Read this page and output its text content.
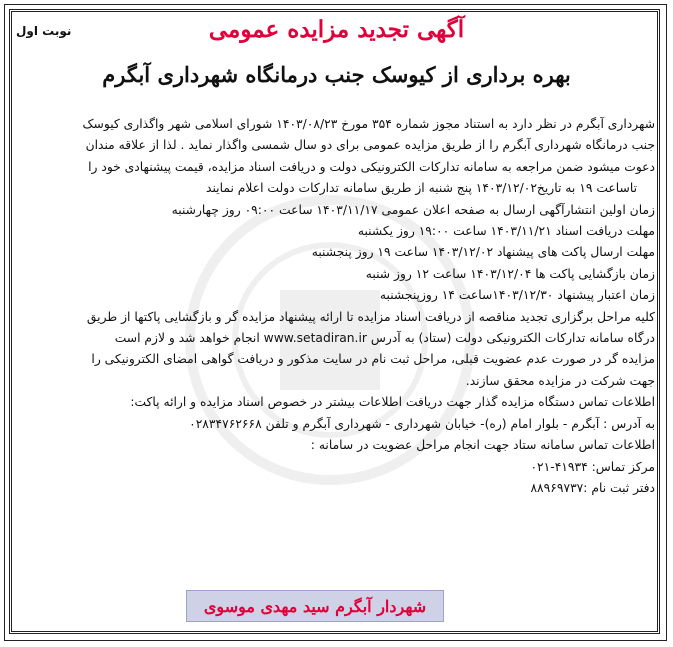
نوبت اول	آگهی تجدید مزایده عمومی
بهره برداری از کیوسک جنب درمانگاه شهرداری آبگرم
شهرداری آبگرم در نظر دارد به استناد مجوز شماره ۳۵۴ مورخ ۱۴۰۳/۰۸/۲۳ شورای اسلامی شهر واگذاری کیوسک
جنب درمانگاه شهرداری آبگرم را از طریق مزایده عمومی برای دو سال شمسی واگذار نماید . لذا از علاقه مندان
دعوت میشود ضمن مراجعه به سامانه تدارکات الکترونیکی دولت و دریافت اسناد مزایده، قیمت پیشنهادی خود را
تاساعت ۱۹ به تاریخ۱۴۰۳/۱۲/۰۲ پنج شنبه از طریق سامانه تدارکات دولت اعلام نمایند
زمان اولین انتشارآگهی ارسال به صفحه اعلان عمومی ۱۴۰۳/۱۱/۱۷ ساعت ۰۹:۰۰ روز چهارشنبه
مهلت دریافت اسناد ۱۴۰۳/۱۱/۲۱ ساعت ۱۹:۰۰ روز یکشنبه
مهلت ارسال پاکت های پیشنهاد ۱۴۰۳/۱۲/۰۲ ساعت ۱۹ روز پنجشنبه
زمان بازگشایی پاکت ها ۱۴۰۳/۱۲/۰۴ ساعت ۱۲ روز شنبه
زمان اعتبار پیشنهاد ۱۴۰۳/۱۲/۳۰ساعت ۱۴ روزپنجشنبه
کلیه مراحل برگزاری تجدید مناقصه از دریافت اسناد مزایده تا ارائه پیشنهاد مزایده گر و بازگشایی پاکتها از طریق
درگاه سامانه تدارکات الکترونیکی دولت (ستاد) به آدرس www.setadiran.ir انجام خواهد شد و لازم است
مزایده گر در صورت عدم عضویت قبلی، مراحل ثبت نام در سایت مذکور و دریافت گواهی امضای الکترونیکی را
جهت شرکت در مزایده محقق سازند.
اطلاعات تماس دستگاه مزایده گذار جهت دریافت اطلاعات بیشتر در خصوص اسناد مزایده و ارائه پاکت:
به آدرس : آبگرم - بلوار امام (ره)- خیابان شهرداری - شهرداری آبگرم و تلفن ۰۲۸۳۴۷۶۲۶۶۸
اطلاعات تماس سامانه ستاد جهت انجام مراحل عضویت در سامانه :
مرکز تماس: ۴۱۹۳۴-۰۲۱
دفتر ثبت نام :۸۸۹۶۹۷۳۷
شهردار آبگرم سید مهدی موسوی
